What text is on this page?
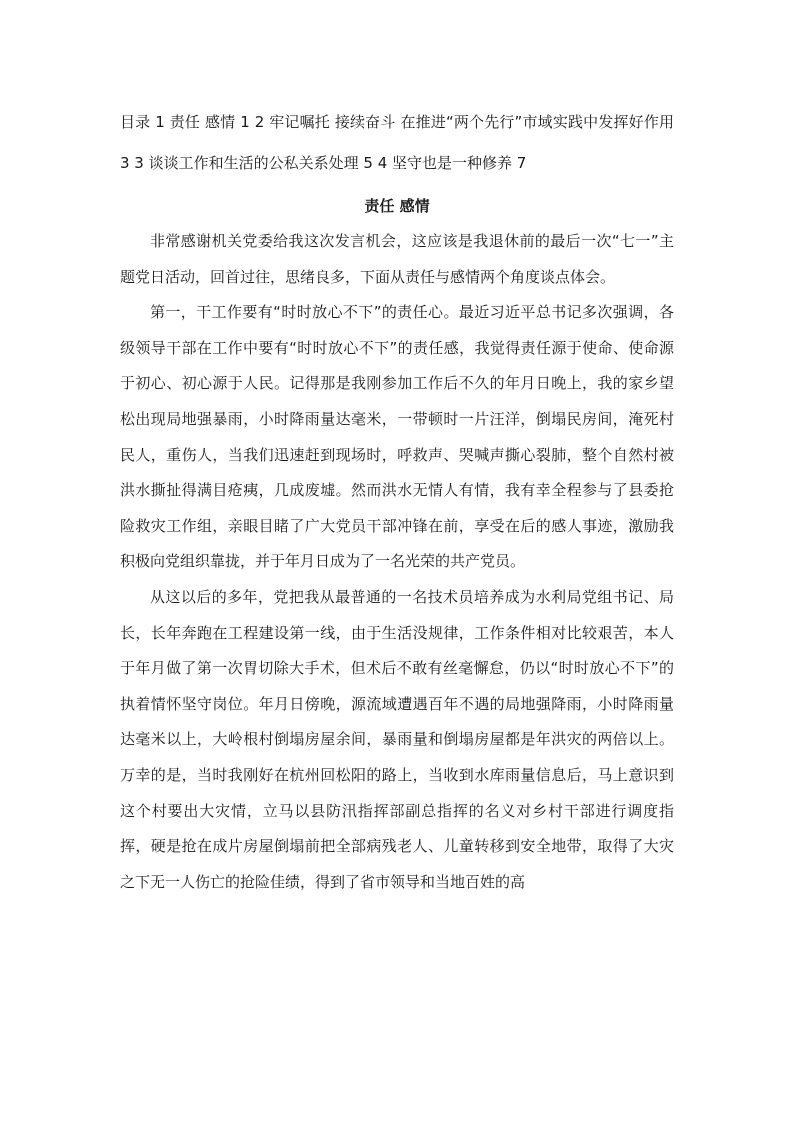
目录 1 责任 感情 1 2 牢记嘱托 接续奋斗 在推进“两个先行”市域实践中发挥好作用 3 3 谈谈工作和生活的公私关系处理 5 4 坚守也是一种修养 7

责任 感情

非常感谢机关党委给我这次发言机会，这应该是我退休前的最后一次“七一”主题党日活动，回首过往，思绪良多，下面从责任与感情两个角度谈点体会。

第一，干工作要有“时时放心不下”的责任心。最近习近平总书记多次强调，各级领导干部在工作中要有“时时放心不下”的责任感，我觉得责任源于使命、使命源于初心、初心源于人民。记得那是我刚参加工作后不久的年月日晚上，我的家乡望松出现局地强暴雨，小时降雨量达毫米，一带顿时一片汪洋，倒塌民房间，淹死村民人，重伤人，当我们迅速赶到现场时，呼救声、哭喊声撕心裂肺，整个自然村被洪水撕扯得满目疮痍，几成废墟。然而洪水无情人有情，我有幸全程参与了县委抢险救灾工作组，亲眼目睹了广大党员干部冲锋在前，享受在后的感人事迹，激励我积极向党组织靠拢，并于年月日成为了一名光荣的共产党员。

从这以后的多年，党把我从最普通的一名技术员培养成为水利局党组书记、局长，长年奔跑在工程建设第一线，由于生活没规律，工作条件相对比较艰苦，本人于年月做了第一次胃切除大手术，但术后不敢有丝毫懈怠，仍以“时时放心不下”的执着情怀坚守岗位。年月日傍晚，源流域遭遇百年不遇的局地强降雨，小时降雨量达毫米以上，大岭根村倒塌房屋余间，暴雨量和倒塌房屋都是年洪灾的两倍以上。万幸的是，当时我刚好在杭州回松阳的路上，当收到水库雨量信息后，马上意识到这个村要出大灾情，立马以县防汛指挥部副总指挥的名义对乡村干部进行调度指挥，硬是抢在成片房屋倒塌前把全部病残老人、儿童转移到安全地带，取得了大灾之下无一人伤亡的抢险佳绩，得到了省市领导和当地百姓的高
